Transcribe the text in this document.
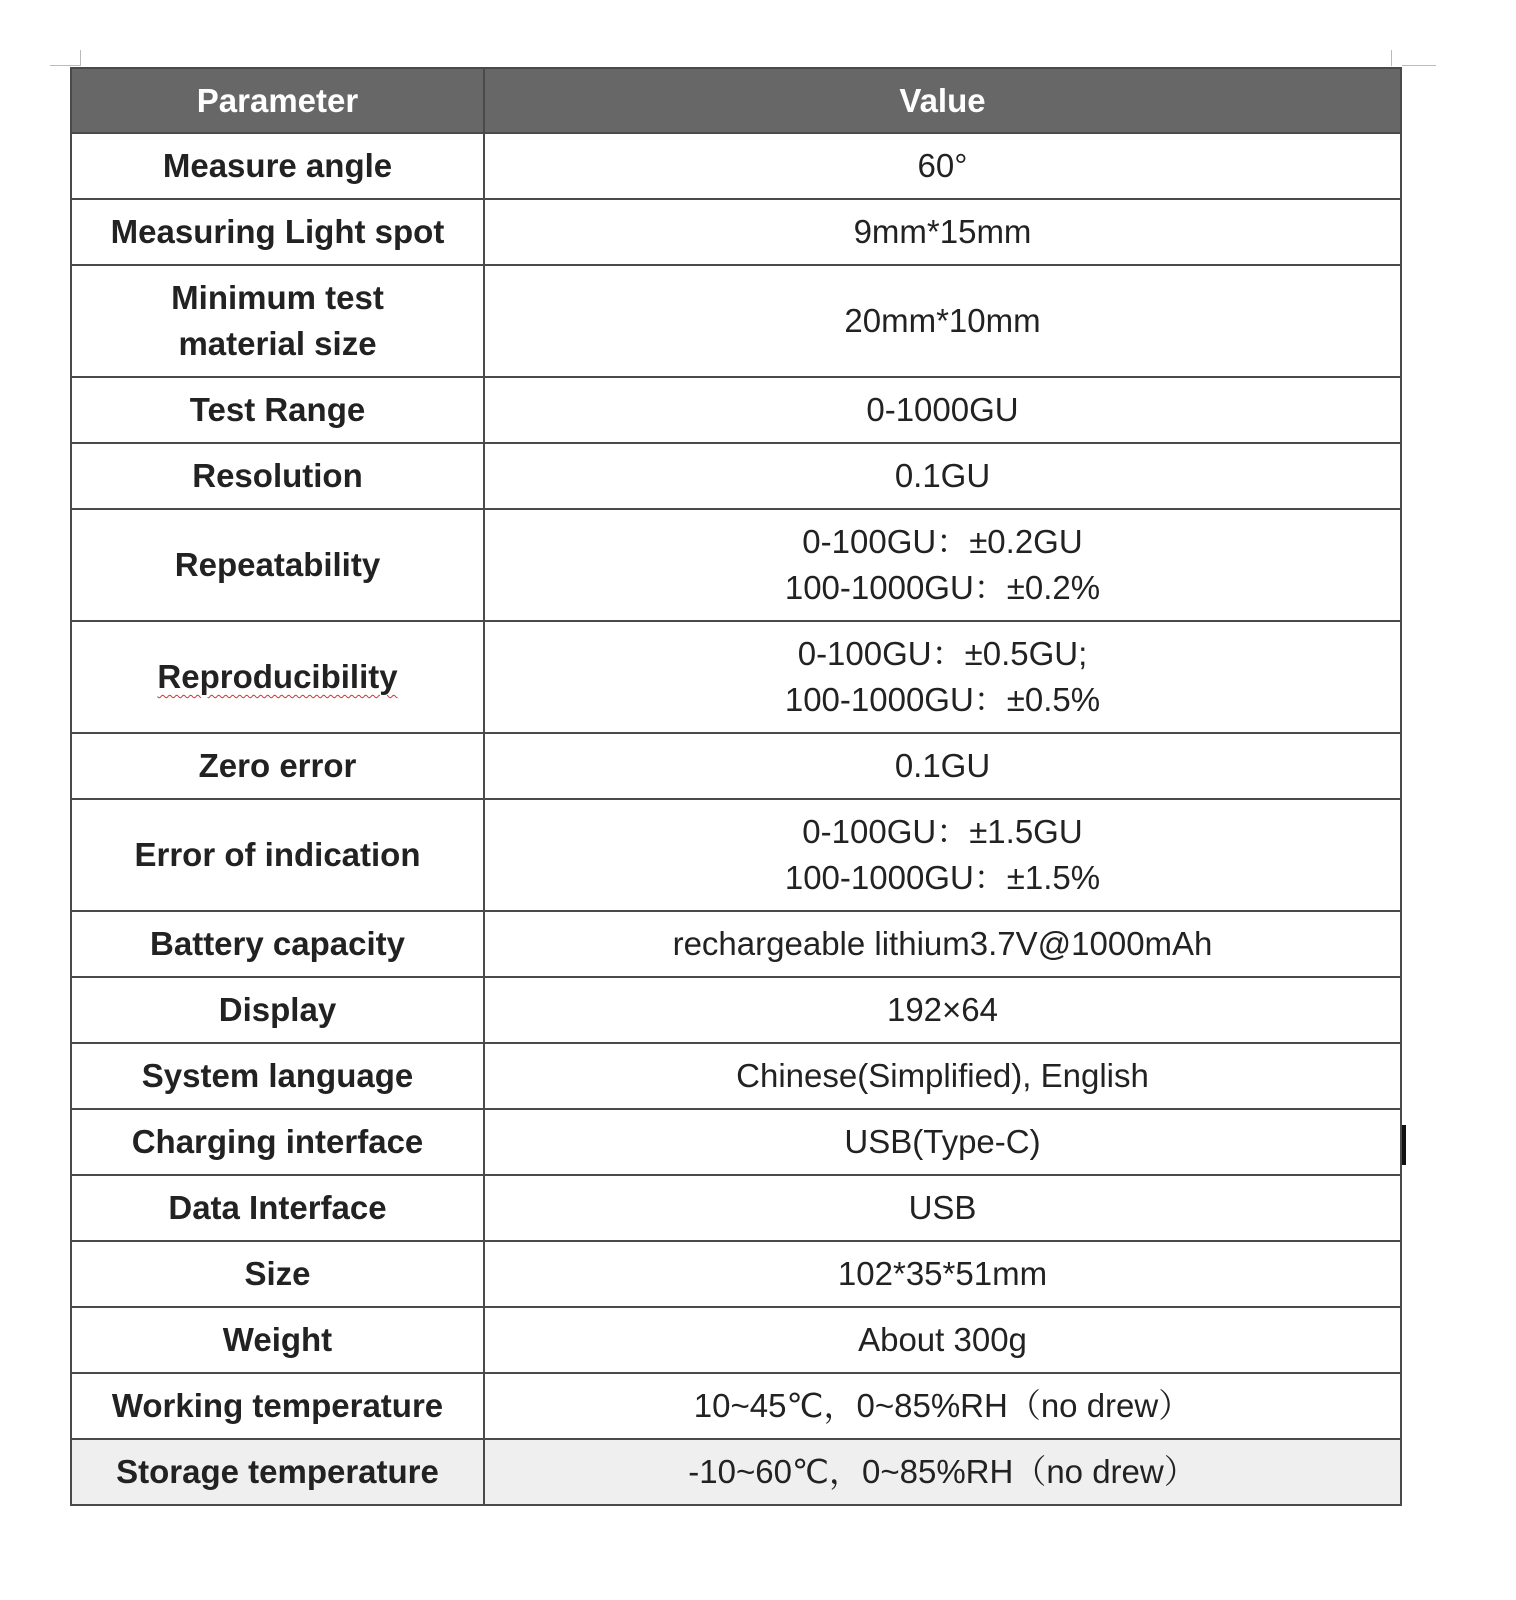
Parameter	Value
Measure angle	60°
Measuring Light spot	9mm*15mm
Minimum test
material size	20mm*10mm
Test Range	0-1000GU
Resolution	0.1GU
Repeatability	0-100GU：±0.2GU
100-1000GU：±0.2%
Reproducibility	0-100GU：±0.5GU;
100-1000GU：±0.5%
Zero error	0.1GU
Error of indication	0-100GU：±1.5GU
100-1000GU：±1.5%
Battery capacity	rechargeable lithium3.7V@1000mAh
Display	192×64
System language	Chinese(Simplified), English
Charging interface	USB(Type-C)
Data Interface	USB
Size	102*35*51mm
Weight	About 300g
Working temperature	10~45℃，0~85%RH（no drew）
Storage temperature	-10~60℃，0~85%RH（no drew）
